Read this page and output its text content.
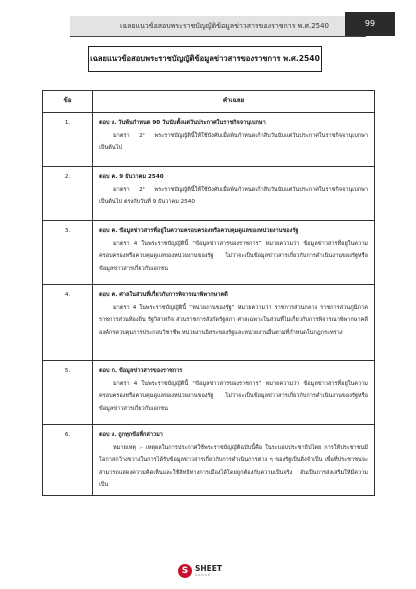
เฉลยแนวข้อสอบพระราชบัญญัติข้อมูลข่าวสารของราชการ พ.ศ.2540	99
เฉลยแนวข้อสอบพระราชบัญญัติข้อมูลข่าวสารของราชการ พ.ศ.2540
ข้อ	คำเฉลย
1.	ตอบ ง. วันพ้นกำหนด 90 วันนับตั้งแต่วันประกาศในราชกิจจานุเบกษา
มาตรา 2¹ พระราชบัญญัตินี้ให้ใช้บังคับเมื่อพ้นกำหนดเก้าสิบวันนับแต่วันประกาศในราชกิจจานุเบกษาเป็นต้นไป

2.	ตอบ ค. 9 ธันวาคม 2540
มาตรา 2¹ พระราชบัญญัตินี้ให้ใช้บังคับเมื่อพ้นกำหนดเก้าสิบวันนับแต่วันประกาศในราชกิจจานุเบกษาเป็นต้นไป ตรงกับวันที่ 9 ธันวาคม 2540

3.	ตอบ ค. ข้อมูลข่าวสารที่อยู่ในความครอบครองหรือควบคุมดูแลของหน่วยงานของรัฐ
มาตรา 4 ในพระราชบัญญัตินี้ “ข้อมูลข่าวสารของราชการ” หมายความว่า ข้อมูลข่าวสารที่อยู่ในความครอบครองหรือควบคุมดูแลของหน่วยงานของรัฐ ไม่ว่าจะเป็นข้อมูลข่าวสารเกี่ยวกับการดำเนินงานของรัฐหรือข้อมูลข่าวสารเกี่ยวกับเอกชน

4.	ตอบ ค. ศาลในส่วนที่เกี่ยวกับการพิจารณาพิพากษาคดี
มาตรา 4 ในพระราชบัญญัตินี้ “หน่วยงานของรัฐ” หมายความว่า ราชการส่วนกลาง ราชการส่วนภูมิภาค ราชการส่วนท้องถิ่น รัฐวิสาหกิจ ส่วนราชการสังกัดรัฐสภา ศาลเฉพาะในส่วนที่ไม่เกี่ยวกับการพิจารณาพิพากษาคดีองค์กรควบคุมการประกอบวิชาชีพ หน่วยงานอิสระของรัฐและหน่วยงานอื่นตามที่กำหนดในกฎกระทรวง

5.	ตอบ ก. ข้อมูลข่าวสารของราชการ
มาตรา 4 ในพระราชบัญญัตินี้ “ข้อมูลข่าวสารของราชการ” หมายความว่า ข้อมูลข่าวสารที่อยู่ในความครอบครองหรือควบคุมดูแลของหน่วยงานของรัฐ ไม่ว่าจะเป็นข้อมูลข่าวสารเกี่ยวกับการดำเนินงานของรัฐหรือข้อมูลข่าวสารเกี่ยวกับเอกชน

6.	ตอบ ง. ถูกทุกข้อที่กล่าวมา
หมายเหตุ :- เหตุผลในการประกาศใช้พระราชบัญญัติฉบับนี้คือ ในระบอบประชาธิปไตย การให้ประชาชนมีโอกาสกว้างขวางในการได้รับข้อมูลข่าวสารเกี่ยวกับการดำเนินการต่าง ๆ ของรัฐเป็นสิ่งจำเป็น เพื่อที่ประชาชนจะสามารถแสดงความคิดเห็นและใช้สิทธิทางการเมืองได้โดยถูกต้องกับความเป็นจริง อันเป็นการส่งเสริมให้มีความเป็น
S SHEET
GROUP
